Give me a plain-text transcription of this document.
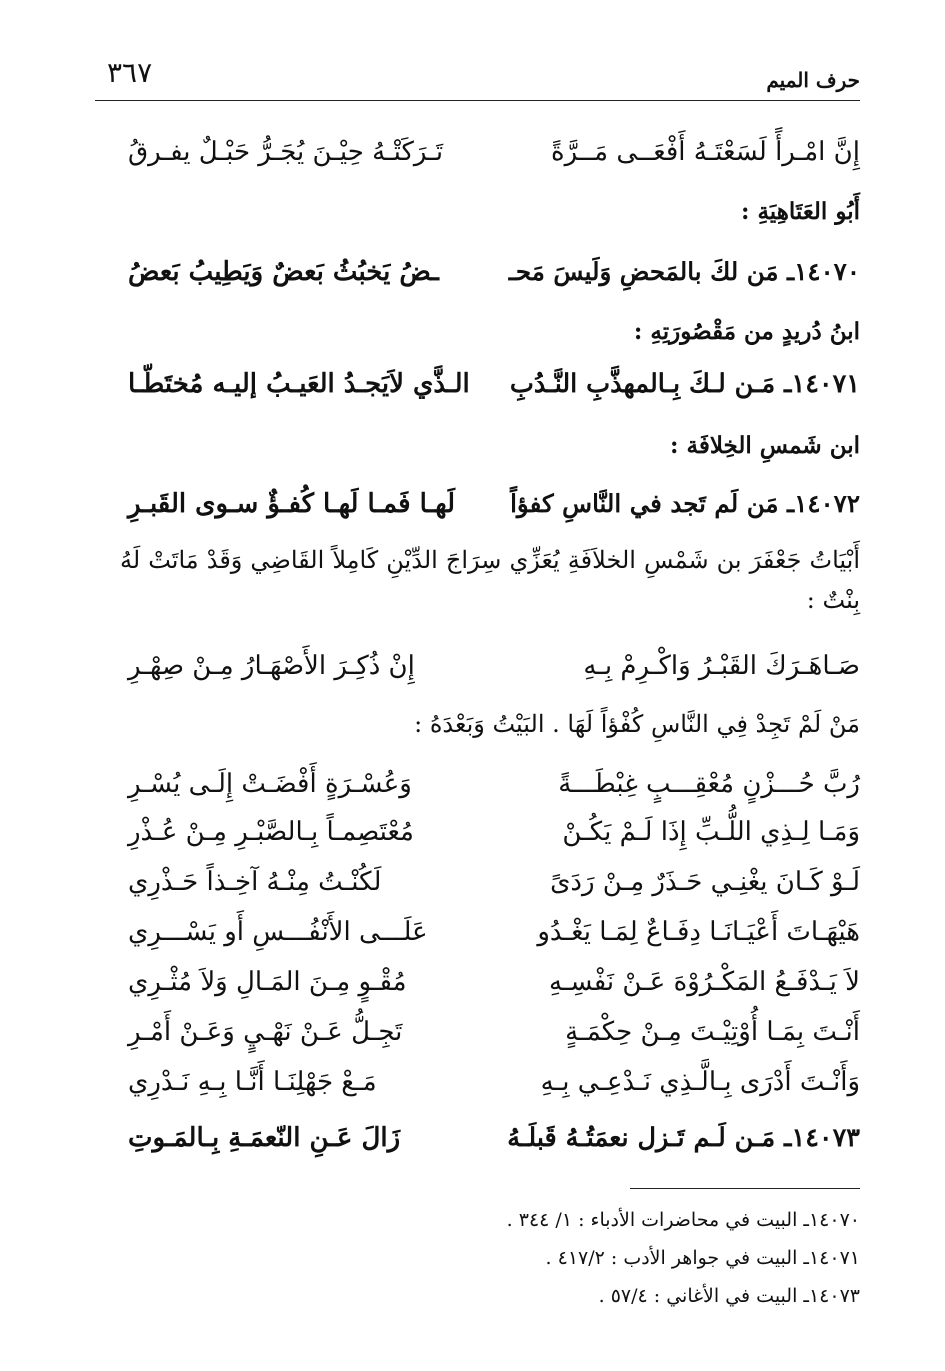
٣٦٧	حرف الميم
إِنَّ امْـرأً لَسَعْتَـهُ أَفْعَــى مَــرَّةً
تَـرَكَتْـهُ حِيْـنَ يُجَـرُّ حَبْـلٌ يفـرقُ
أَبُو العَتَاهِيَةِ :
١٤٠٧٠ـ مَن لكَ بالمَحضِ وَلَيسَ مَحـ
ـضُ يَخبُثُ بَعضٌ وَيَطِيبُ بَعضُ
ابنُ دُريدٍ من مَقْصُورَتِهِ :
١٤٠٧١ـ مَـن لـكَ بِـالمهذَّبِ النَّـدُبِ
الـذَّي لاَيَجـدُ العَيـبُ إليـه مُختَطّـا
ابن شَمسِ الخِلافَة :
١٤٠٧٢ـ مَن لَم تَجد في النَّاسِ كفؤاً
لَهـا فَمـا لَهـا كُفـؤٌ سـوى القَبـرِ
أَبْيَاتُ جَعْفَرَ بن شَمْسِ الخلاَفَةِ يُعَزِّي سِرَاجَ الدِّيْنِ كَامِلاً القَاضِي وَقَدْ مَاتَتْ لَهُ بِنْتٌ :
صَـاهَـرَكَ القَبْـرُ وَاكْـرِمْ بِـهِ
إِنْ ذُكِـرَ الأَصْهَـارُ مِـنْ صِهْـرِ
مَنْ لَمْ تَجِدْ فِي النَّاسِ كُفْؤاً لَهَا . البَيْتُ وَبَعْدَهُ :
رُبَّ حُـــزْنٍ مُعْقِـــبٍ غِبْطَـــةً
وَعُسْـرَةٍ أَفْضَـتْ إِلَـى يُسْـرِ
وَمَـا لِـذِي اللُّـبِّ إِذَا لَـمْ يَكُـنْ
مُعْتَصِمـاً بِـالصَّبْـرِ مِـنْ عُـذْرِ
لَـوْ كَـانَ يغْنِـي حَـذَرٌ مِـنْ رَدَىً
لَكُنْـتُ مِنْـهُ آخِـذاً حَـذْرِي
هَيْهَـاتَ أَعْيَـانَـا دِفَـاعٌ لِمَـا يَغْـدُو
عَلَـــى الأَنْفُـــسِ أَو يَسْـــرِي
لاَ يَـدْفَـعُ المَكْـرُوْهَ عَـنْ نَفْسِـهِ
مُقْـوٍ مِـنَ المَـالِ وَلاَ مُثْـرِي
أَنْـتَ بِمَـا أُوْتِيْـتَ مِـنْ حِكْمَـةٍ
تَجِـلُّ عَـنْ نَهْـيٍ وَعَـنْ أَمْـرِ
وَأَنْـتَ أَدْرَى بِـالَّـذِي نَـدْعِـي بِـهِ
مَـعْ جَهْلِنَـا أَنَّـا بِـهِ نَـدْرِي
١٤٠٧٣ـ مَـن لَـم تَـزل نعمَتُـهُ قَبلَـهُ
زَالَ عَـنِ النّعمَـةِ بِـالمَـوتِ
١٤٠٧٠ـ البيت في محاضرات الأدباء : ١/ ٣٤٤ .
١٤٠٧١ـ البيت في جواهر الأدب : ٤١٧/٢ .
١٤٠٧٣ـ البيت في الأغاني : ٥٧/٤ .
